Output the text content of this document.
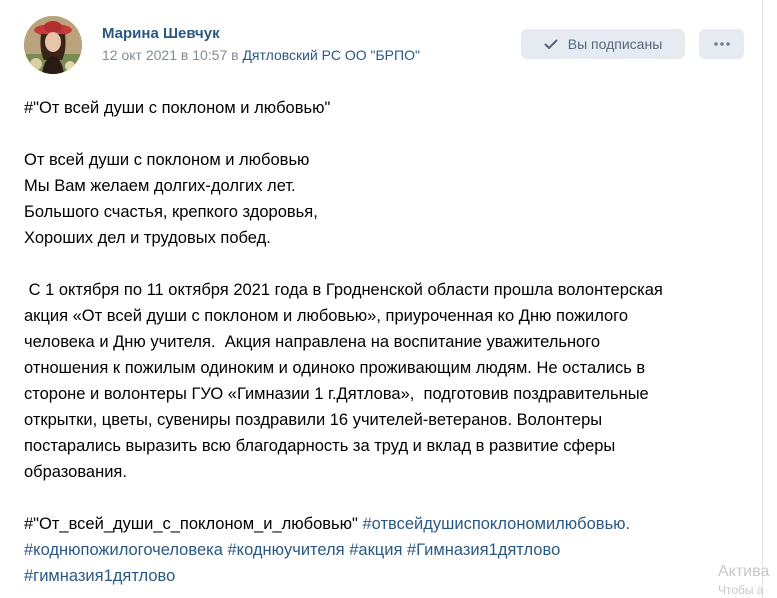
Марина Шевчук
12 окт 2021 в 10:57 в Дятловский РС ОО "БРПО"
Вы подписаны
#"От всей души с поклоном и любовью"
От всей души с поклоном и любовью
Мы Вам желаем долгих-долгих лет.
Большого счастья, крепкого здоровья,
Хороших дел и трудовых побед.
С 1 октября по 11 октября 2021 года в Гродненской области прошла волонтерская
акция «От всей души с поклоном и любовью», приуроченная ко Дню пожилого
человека и Дню учителя.  Акция направлена на воспитание уважительного
отношения к пожилым одиноким и одиноко проживающим людям. Не остались в
стороне и волонтеры ГУО «Гимназии 1 г.Дятлова»,  подготовив поздравительные
открытки, цветы, сувениры поздравили 16 учителей-ветеранов. Волонтеры
постарались выразить всю благодарность за труд и вклад в развитие сферы
образования.
#"От_всей_души_с_поклоном_и_любовью" #отвсейдушиспоклономилюбовью.
#коднюпожилогочеловека #коднюучителя #акция #Гимназия1дятлово
#гимназия1дятлово	Актива
Чтобы а
